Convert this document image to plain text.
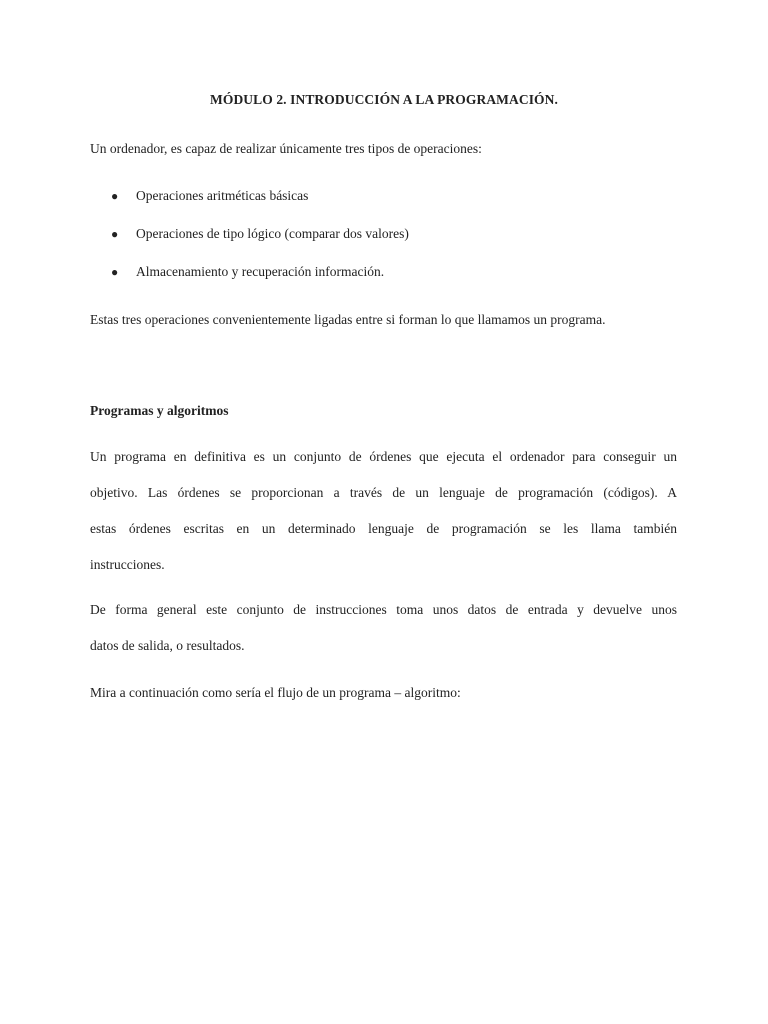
MÓDULO 2. INTRODUCCIÓN A LA PROGRAMACIÓN.
Un ordenador, es capaz de realizar únicamente tres tipos de operaciones:
● Operaciones aritméticas básicas
● Operaciones de tipo lógico (comparar dos valores)
● Almacenamiento y recuperación información.
Estas tres operaciones convenientemente ligadas entre si forman lo que llamamos un programa.
Programas y algoritmos
Un programa en definitiva es un conjunto de órdenes que ejecuta el ordenador para conseguir un
objetivo. Las órdenes se proporcionan a través de un lenguaje de programación (códigos). A
estas órdenes escritas en un determinado lenguaje de programación se les llama también
instrucciones.
De forma general este conjunto de instrucciones toma unos datos de entrada y devuelve unos
datos de salida, o resultados.
Mira a continuación como sería el flujo de un programa – algoritmo:
